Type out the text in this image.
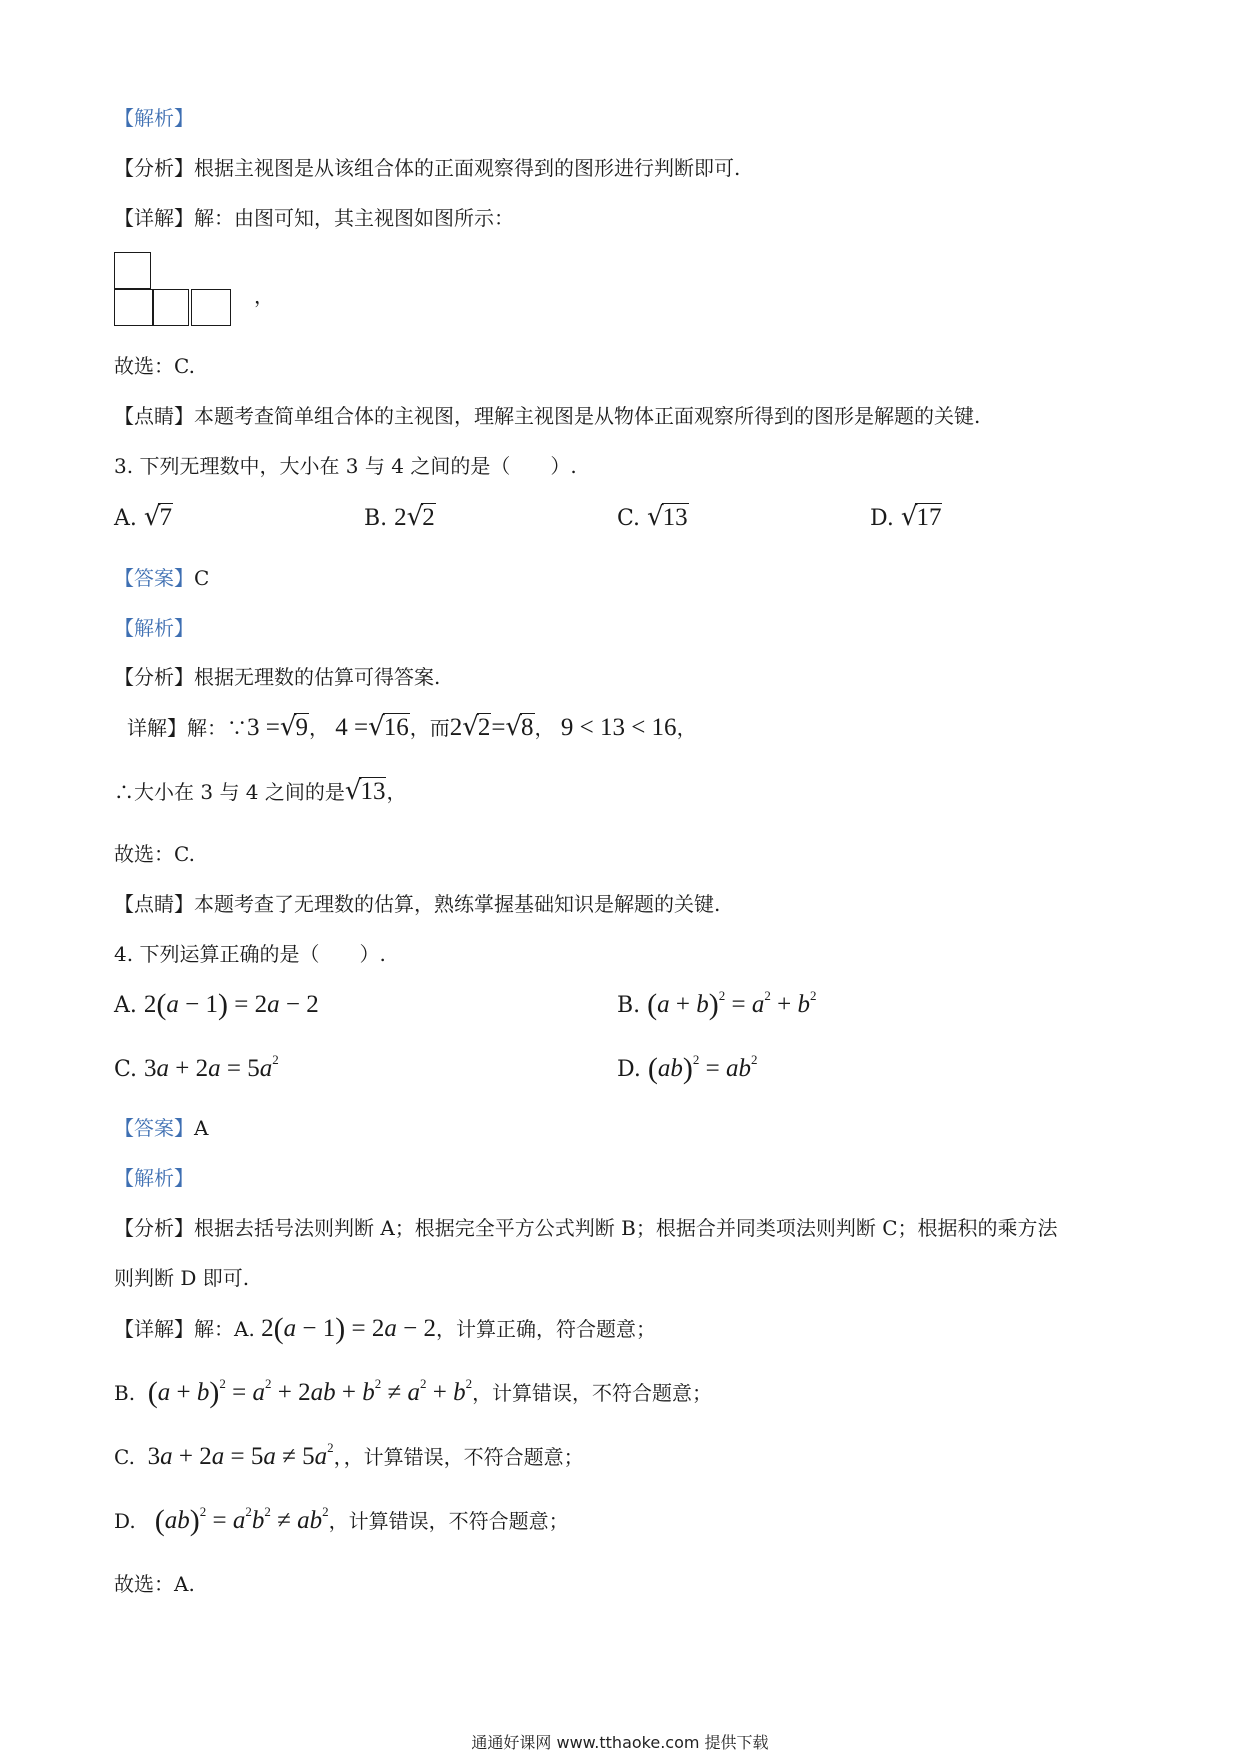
【解析】
【分析】根据主视图是从该组合体的正面观察得到的图形进行判断即可.
【详解】解：由图可知，其主视图如图所示：
，
故选：C.
【点睛】本题考查简单组合体的主视图，理解主视图是从物体正面观察所得到的图形是解题的关键.
3. 下列无理数中，大小在 3 与 4 之间的是（　　）.
A. √7	B. 2√2	C. √13	D. √17
【答案】C
【解析】
【分析】根据无理数的估算可得答案.
详解】解：∵3 =√9， 4 =√16，而2√2=√8， 9 < 13 < 16，
∴大小在 3 与 4 之间的是√13，
故选：C.
【点睛】本题考查了无理数的估算，熟练掌握基础知识是解题的关键.
4. 下列运算正确的是（　　）.
A. 2(a − 1) = 2a − 2	B. $(a + b)^2 = a^2 + b^2$
C. $3a + 2a = 5a^2$	D. $(ab)^2 = ab^2$
【答案】A
【解析】
【分析】根据去括号法则判断 A；根据完全平方公式判断 B；根据合并同类项法则判断 C；根据积的乘方法
则判断 D 即可.
【详解】解：A. 2(a − 1) = 2a − 2，计算正确，符合题意；
B. $(a + b)^2 = a^2 + 2ab + b^2 \ne a^2 + b^2$，计算错误，不符合题意；
C. $3a + 2a = 5a \ne 5a^2$，，计算错误，不符合题意；
D. $(ab)^2 = a^2b^2 \ne ab^2$，计算错误，不符合题意；
故选：A.
通通好课网 www.tthaoke.com 提供下载
